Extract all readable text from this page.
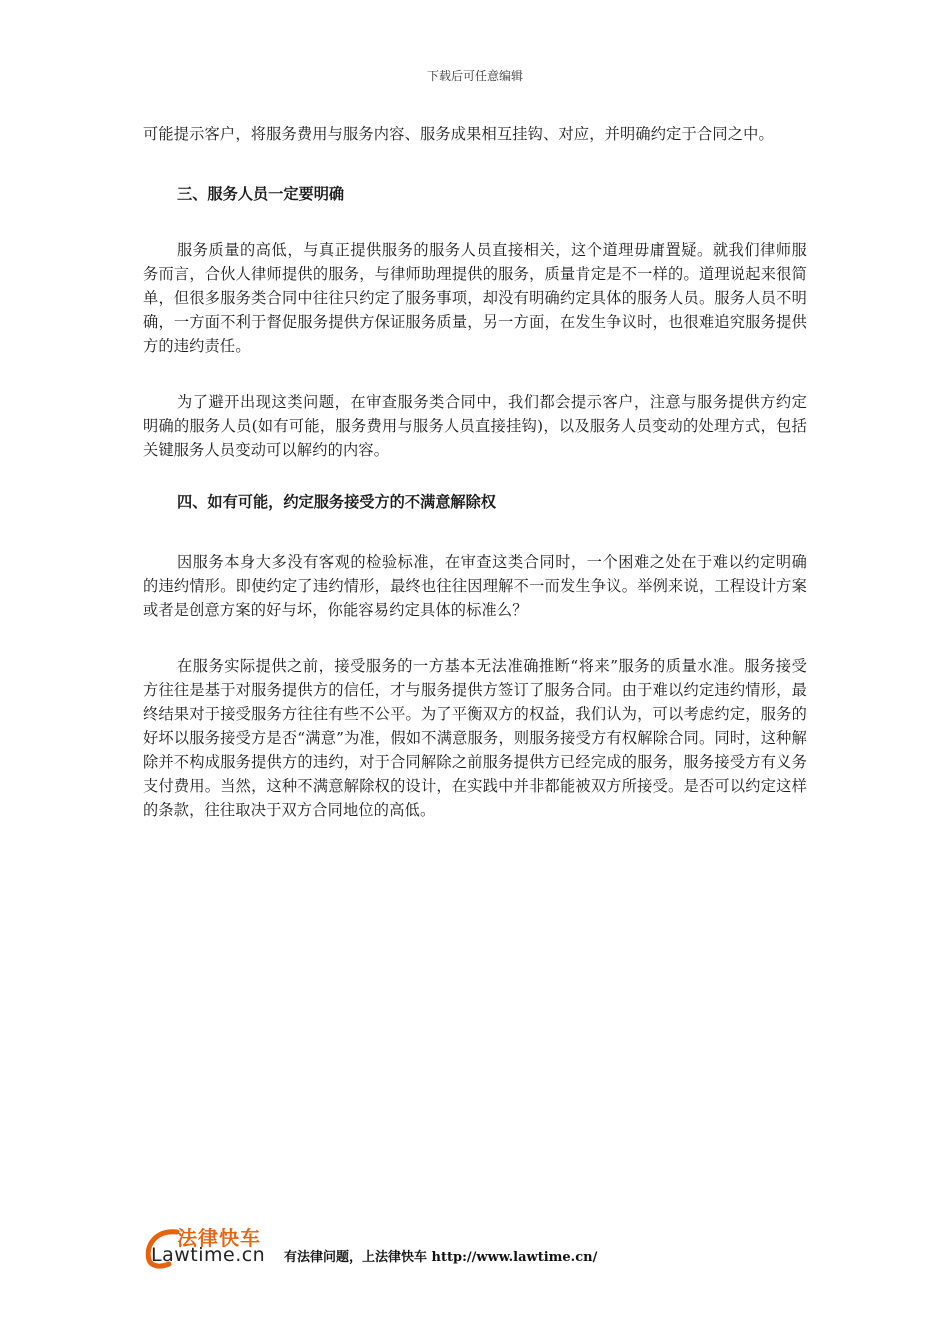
下载后可任意编辑

可能提示客户，将服务费用与服务内容、服务成果相互挂钩、对应，并明确约定于合同之中。

三、服务人员一定要明确

服务质量的高低，与真正提供服务的服务人员直接相关，这个道理毋庸置疑。就我们律师服务而言，合伙人律师提供的服务，与律师助理提供的服务，质量肯定是不一样的。道理说起来很简单，但很多服务类合同中往往只约定了服务事项，却没有明确约定具体的服务人员。服务人员不明确，一方面不利于督促服务提供方保证服务质量，另一方面，在发生争议时，也很难追究服务提供方的违约责任。

为了避开出现这类问题，在审查服务类合同中，我们都会提示客户，注意与服务提供方约定明确的服务人员(如有可能，服务费用与服务人员直接挂钩)，以及服务人员变动的处理方式，包括关键服务人员变动可以解约的内容。

四、如有可能，约定服务接受方的不满意解除权

因服务本身大多没有客观的检验标准，在审查这类合同时，一个困难之处在于难以约定明确的违约情形。即使约定了违约情形，最终也往往因理解不一而发生争议。举例来说，工程设计方案或者是创意方案的好与坏，你能容易约定具体的标准么？

在服务实际提供之前，接受服务的一方基本无法准确推断“将来”服务的质量水准。服务接受方往往是基于对服务提供方的信任，才与服务提供方签订了服务合同。由于难以约定违约情形，最终结果对于接受服务方往往有些不公平。为了平衡双方的权益，我们认为，可以考虑约定，服务的好坏以服务接受方是否“满意”为准，假如不满意服务，则服务接受方有权解除合同。同时，这种解除并不构成服务提供方的违约，对于合同解除之前服务提供方已经完成的服务，服务接受方有义务支付费用。当然，这种不满意解除权的设计，在实践中并非都能被双方所接受。是否可以约定这样的条款，往往取决于双方合同地位的高低。

法律快车
Lawtime.cn 有法律问题，上法律快车 http://www.lawtime.cn/
